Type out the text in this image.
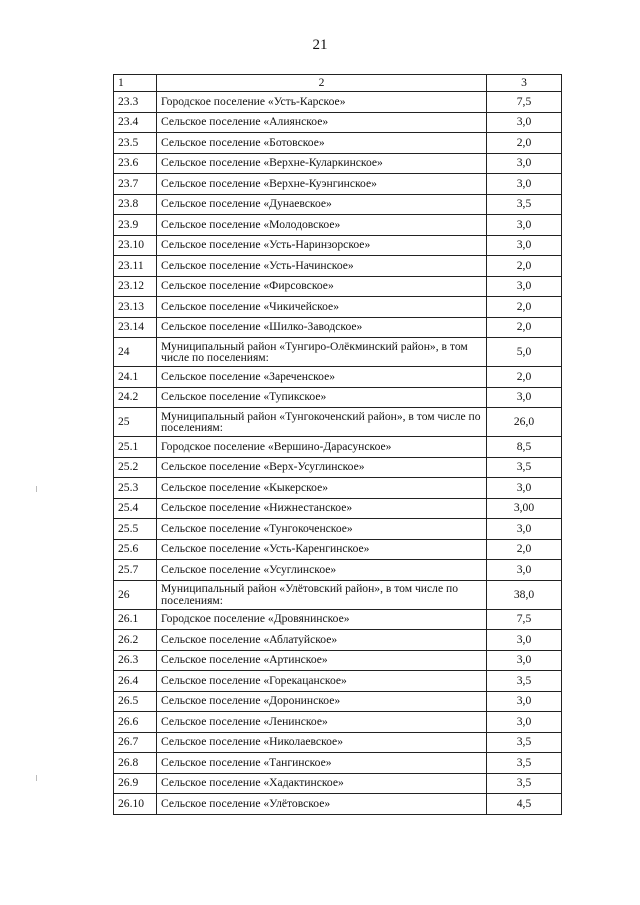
21
1	2	3
23.3	Городское поселение «Усть-Карское»	7,5
23.4	Сельское поселение «Алиянское»	3,0
23.5	Сельское поселение «Ботовское»	2,0
23.6	Сельское поселение «Верхне-Куларкинское»	3,0
23.7	Сельское поселение «Верхне-Куэнгинское»	3,0
23.8	Сельское поселение «Дунаевское»	3,5
23.9	Сельское поселение «Молодовское»	3,0
23.10	Сельское поселение «Усть-Наринзорское»	3,0
23.11	Сельское поселение «Усть-Начинское»	2,0
23.12	Сельское поселение «Фирсовское»	3,0
23.13	Сельское поселение «Чикичейское»	2,0
23.14	Сельское поселение «Шилко-Заводское»	2,0
24	Муниципальный район «Тунгиро-Олёкминский район», в том числе по поселениям:	5,0
24.1	Сельское поселение «Зареченское»	2,0
24.2	Сельское поселение «Тупикское»	3,0
25	Муниципальный район «Тунгокоченский район», в том числе по поселениям:	26,0
25.1	Городское поселение «Вершино-Дарасунское»	8,5
25.2	Сельское поселение «Верх-Усуглинское»	3,5
25.3	Сельское поселение «Кыкерское»	3,0
25.4	Сельское поселение «Нижнестанское»	3,00
25.5	Сельское поселение «Тунгокоченское»	3,0
25.6	Сельское поселение «Усть-Каренгинское»	2,0
25.7	Сельское поселение «Усуглинское»	3,0
26	Муниципальный район «Улётовский район», в том числе по поселениям:	38,0
26.1	Городское поселение «Дровянинское»	7,5
26.2	Сельское поселение «Аблатуйское»	3,0
26.3	Сельское поселение «Артинское»	3,0
26.4	Сельское поселение «Горекацанское»	3,5
26.5	Сельское поселение «Доронинское»	3,0
26.6	Сельское поселение «Ленинское»	3,0
26.7	Сельское поселение «Николаевское»	3,5
26.8	Сельское поселение «Тангинское»	3,5
26.9	Сельское поселение «Хадактинское»	3,5
26.10	Сельское поселение «Улётовское»	4,5
